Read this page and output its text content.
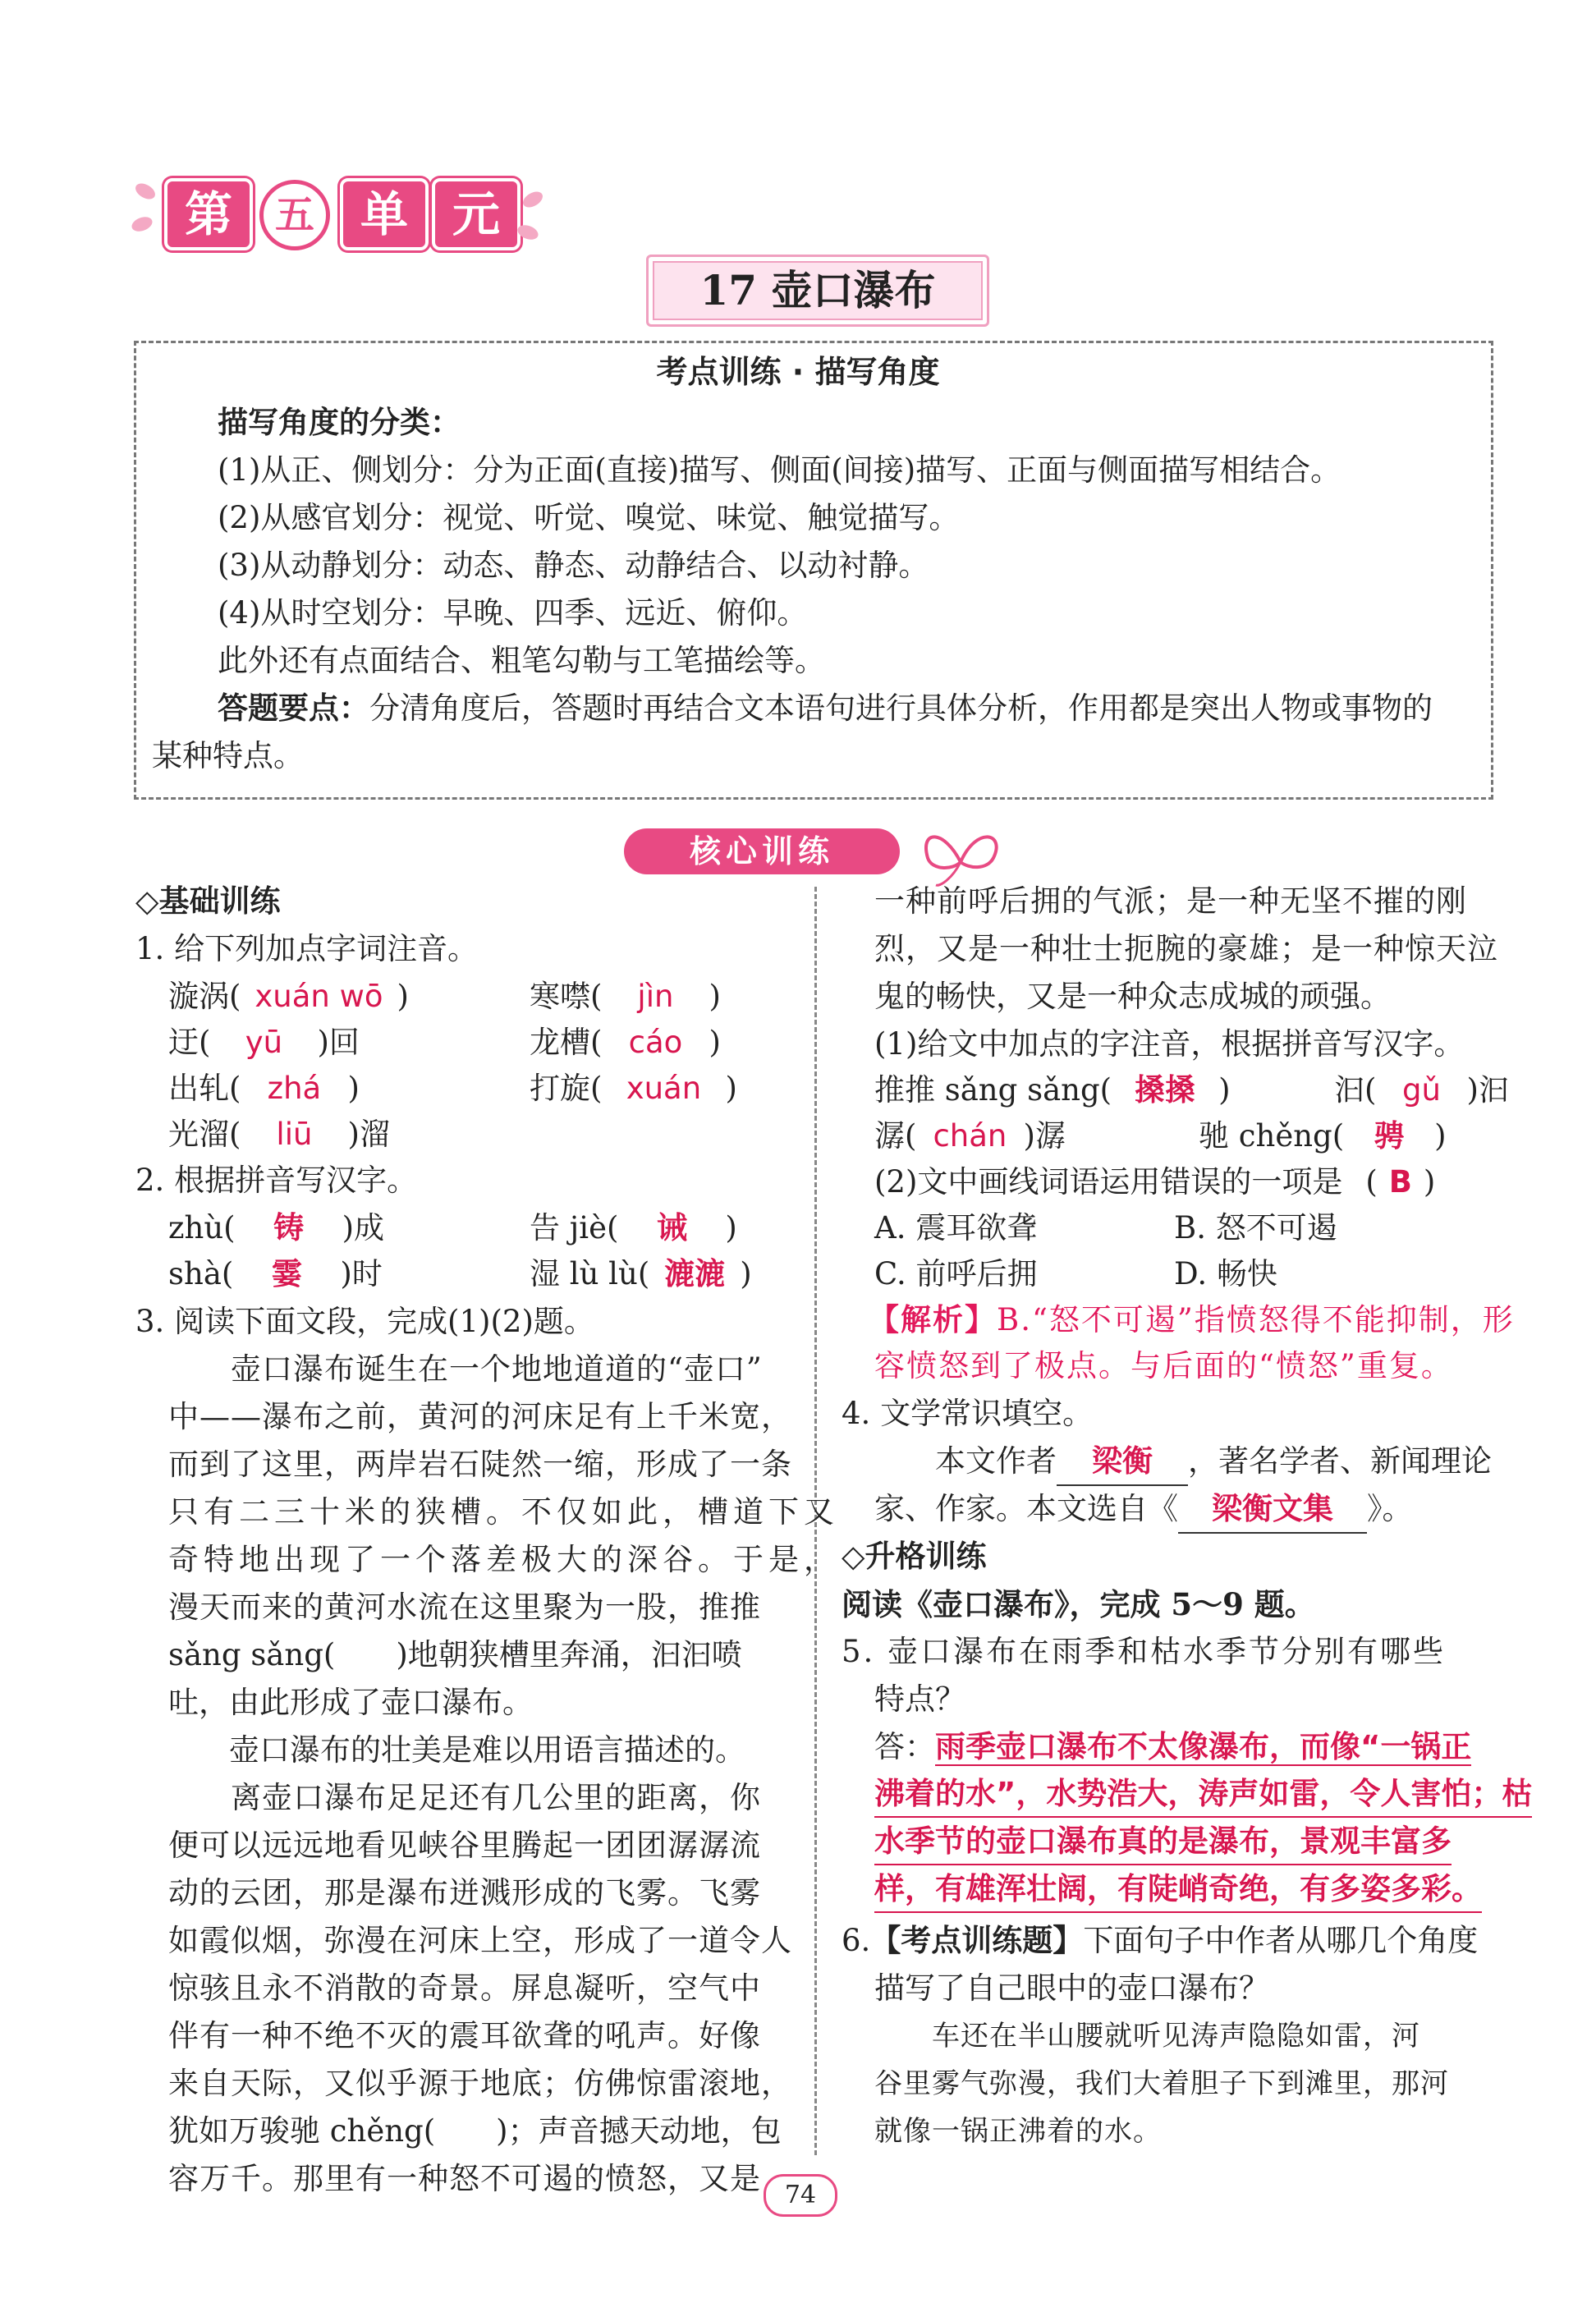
第	五 单 元
17 壶口瀑布
考点训练 · 描写角度
描写角度的分类：
(1)从正、侧划分：分为正面(直接)描写、侧面(间接)描写、正面与侧面描写相结合。
(2)从感官划分：视觉、听觉、嗅觉、味觉、触觉描写。
(3)从动静划分：动态、静态、动静结合、以动衬静。
(4)从时空划分：早晚、四季、远近、俯仰。
此外还有点面结合、粗笔勾勒与工笔描绘等。
答题要点：分清角度后，答题时再结合文本语句进行具体分析，作用都是突出人物或事物的
某种特点。
核心训练
◇基础训练
1. 给下列加点字词注音。
漩涡( xuán wō )	寒噤( jìn )
迂( yū )回	龙槽( cáo )
出轧( zhá )	打旋( xuán )
光溜( liū )溜
2. 根据拼音写汉字。
zhù( 铸 )成	告 jiè( 诫 )
shà( 霎 )时	湿 lù lù( 漉漉 )
3. 阅读下面文段，完成(1)(2)题。
　　壶口瀑布诞生在一个地地道道的“壶口”
中——瀑布之前，黄河的河床足有上千米宽，
而到了这里，两岸岩石陡然一缩，形成了一条
只有二三十米的狭槽。不仅如此，槽道下又
奇特地出现了一个落差极大的深谷。于是，
漫天而来的黄河水流在这里聚为一股，推推
sǎng sǎng(　　)地朝狭槽里奔涌，汩汩喷
吐，由此形成了壶口瀑布。
　　壶口瀑布的壮美是难以用语言描述的。
　　离壶口瀑布足足还有几公里的距离，你
便可以远远地看见峡谷里腾起一团团潺潺流
动的云团，那是瀑布迸溅形成的飞雾。飞雾
如霞似烟，弥漫在河床上空，形成了一道令人
惊骇且永不消散的奇景。屏息凝听，空气中
伴有一种不绝不灭的震耳欲聋的吼声。好像
来自天际，又似乎源于地底；仿佛惊雷滚地，
犹如万骏驰 chěng(　　)；声音撼天动地，包
容万千。那里有一种怒不可遏的愤怒，又是
一种前呼后拥的气派；是一种无坚不摧的刚
烈，又是一种壮士扼腕的豪雄；是一种惊天泣
鬼的畅快，又是一种众志成城的顽强。
(1)给文中加点的字注音，根据拼音写汉字。
推推 sǎng sǎng( 搡搡 )	汩( gǔ )汩
潺( chán )潺	驰 chěng( 骋 )
(2)文中画线词语运用错误的一项是 ( B )
A. 震耳欲聋	B. 怒不可遏
C. 前呼后拥	D. 畅快
【解析】B.“怒不可遏”指愤怒得不能抑制，形
容愤怒到了极点。与后面的“愤怒”重复。
4. 文学常识填空。
　　本文作者 梁衡 ，著名学者、新闻理论
家、作家。本文选自《 梁衡文集 》。
◇升格训练
阅读《壶口瀑布》，完成 5～9 题。
5. 壶口瀑布在雨季和枯水季节分别有哪些
特点？
答：雨季壶口瀑布不太像瀑布，而像“一锅正
沸着的水”，水势浩大，涛声如雷，令人害怕；枯
水季节的壶口瀑布真的是瀑布，景观丰富多
样，有雄浑壮阔，有陡峭奇绝，有多姿多彩。
6.【考点训练题】下面句子中作者从哪几个角度
描写了自己眼中的壶口瀑布？
　　车还在半山腰就听见涛声隐隐如雷，河
谷里雾气弥漫，我们大着胆子下到滩里，那河
就像一锅正沸着的水。
74
